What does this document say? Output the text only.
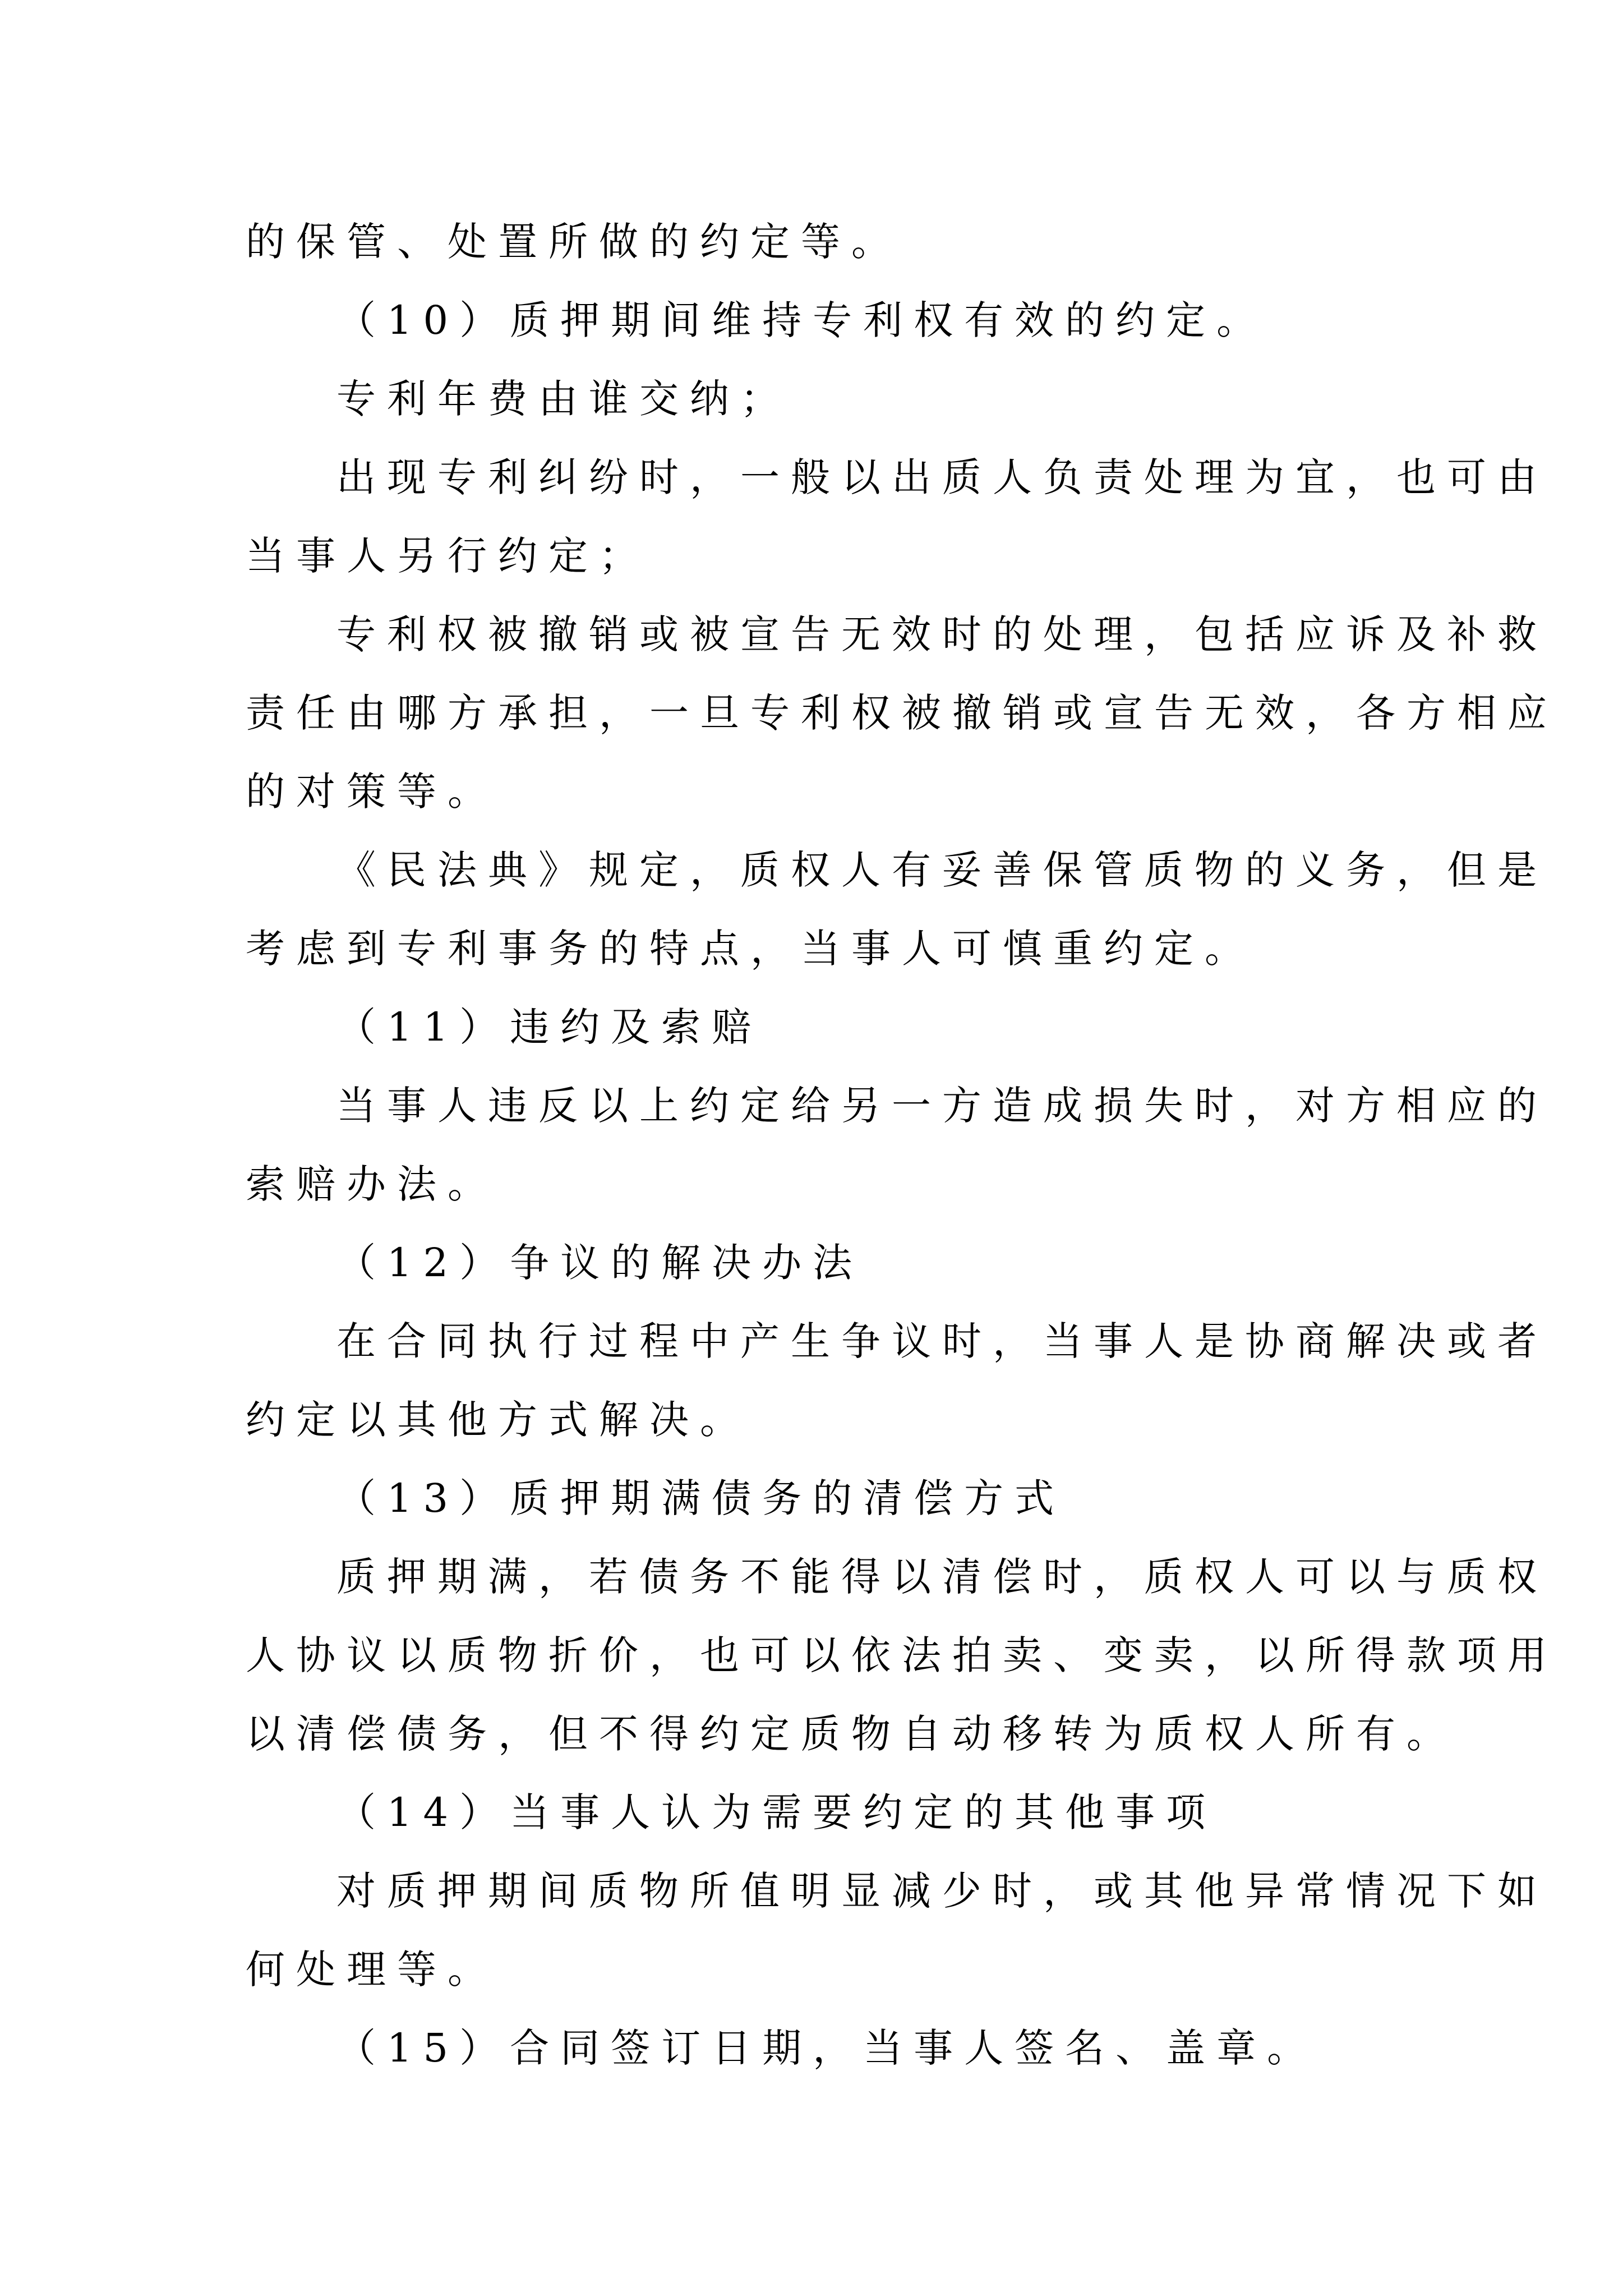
的保管、处置所做的约定等。
（10）质押期间维持专利权有效的约定。
专利年费由谁交纳；
出现专利纠纷时，一般以出质人负责处理为宜，也可由
当事人另行约定；
专利权被撤销或被宣告无效时的处理，包括应诉及补救
责任由哪方承担，一旦专利权被撤销或宣告无效，各方相应
的对策等。
《民法典》规定，质权人有妥善保管质物的义务，但是
考虑到专利事务的特点，当事人可慎重约定。
（11）违约及索赔
当事人违反以上约定给另一方造成损失时，对方相应的
索赔办法。
（12）争议的解决办法
在合同执行过程中产生争议时，当事人是协商解决或者
约定以其他方式解决。
（13）质押期满债务的清偿方式
质押期满，若债务不能得以清偿时，质权人可以与质权
人协议以质物折价，也可以依法拍卖、变卖，以所得款项用
以清偿债务，但不得约定质物自动移转为质权人所有。
（14）当事人认为需要约定的其他事项
对质押期间质物所值明显减少时，或其他异常情况下如
何处理等。
（15）合同签订日期，当事人签名、盖章。
